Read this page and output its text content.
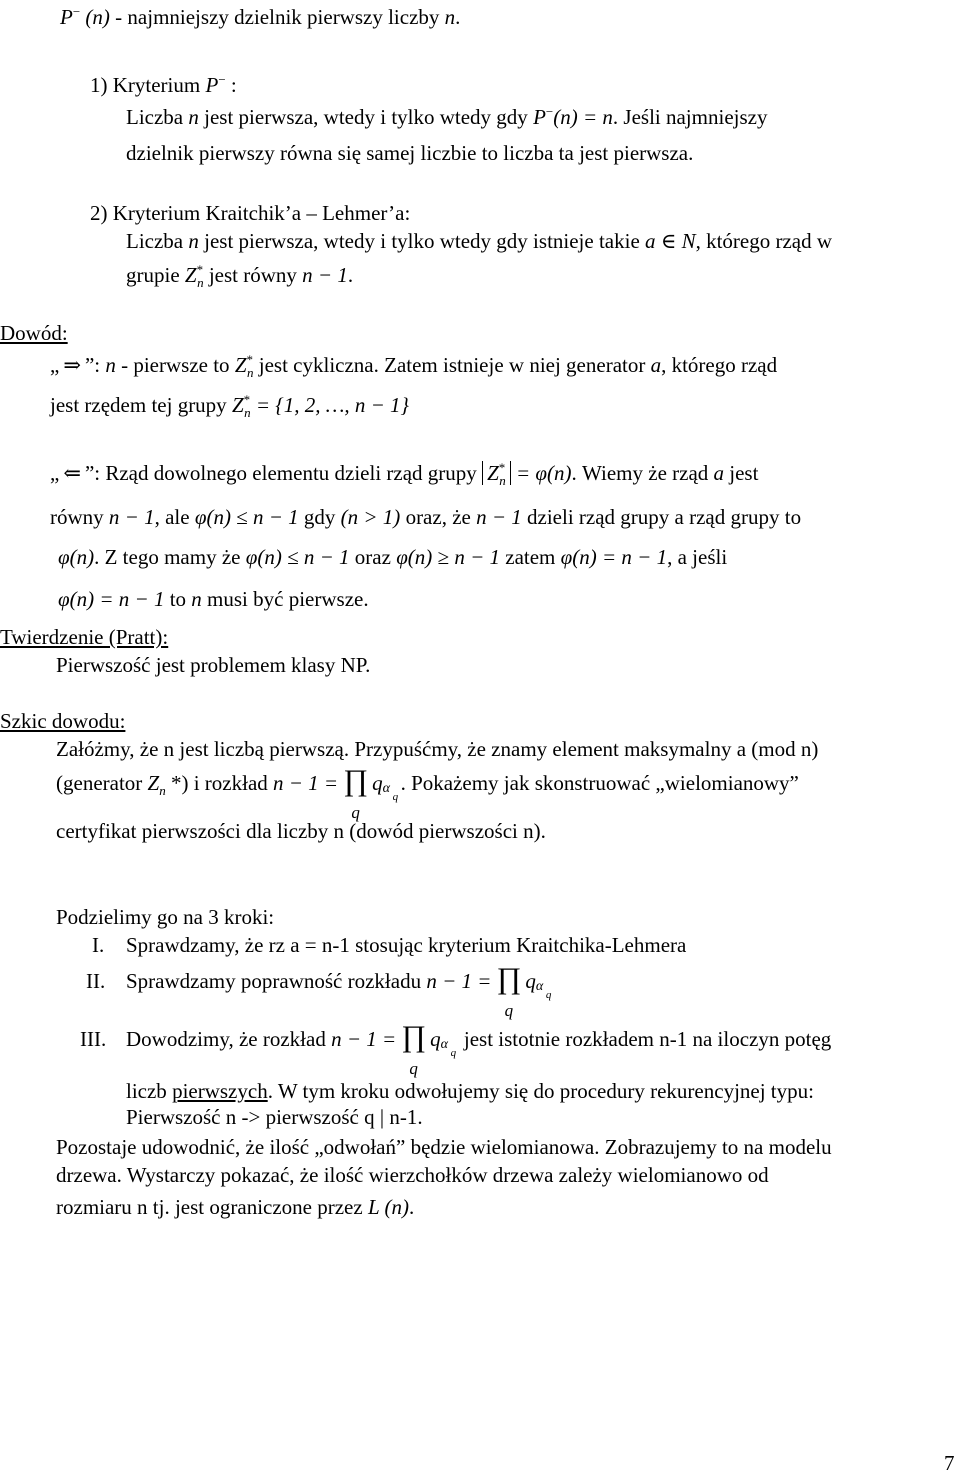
P− (n) - najmniejszy dzielnik pierwszy liczby n.
1) Kryterium P− :
Liczba n jest pierwsza, wtedy i tylko wtedy gdy P−(n) = n. Jeśli najmniejszy
dzielnik pierwszy równa się samej liczbie to liczba ta jest pierwsza.
2) Kryterium Kraitchik’a – Lehmer’a:
Liczba n jest pierwsza, wtedy i tylko wtedy gdy istnieje takie a ∈ N, którego rząd w
grupie $Z^*_n$ jest równy n − 1.
Dowód:
„ ⇒ ”: n - pierwsze to $Z^*_n$ jest cykliczna. Zatem istnieje w niej generator a, którego rząd
jest rzędem tej grupy $Z^*_n = \{1$, 2, …, n − 1}
„ ⇐ ”: Rząd dowolnego elementu dzieli rząd grupy $Z^*_n = \varphi(n)$. Wiemy że rząd a jest
równy n − 1, ale φ(n) ≤ n − 1 gdy (n > 1) oraz, że n − 1 dzieli rząd grupy a rząd grupy to
φ(n). Z tego mamy że φ(n) ≤ n − 1 oraz φ(n) ≥ n − 1 zatem φ(n) = n − 1, a jeśli
φ(n) = n − 1 to n musi być pierwsze.
Twierdzenie (Pratt):
Pierwszość jest problemem klasy NP.
Szkic dowodu:
Załóżmy, że n jest liczbą pierwszą. Przypuśćmy, że znamy element maksymalny a (mod n)
(generator $Z_n$ *) i rozkład n − 1 = ∏
q
q α
q
. Pokażemy jak skonstruować „wielomianowy”
certyfikat pierwszości dla liczby n (dowód pierwszości n).
Podzielimy go na 3 kroki:
I. Sprawdzamy, że rz a = n-1 stosując kryterium Kraitchika-Lehmera
II. Sprawdzamy poprawność rozkładu n − 1 = ∏
q
q α
q
III. Dowodzimy, że rozkład n − 1 = ∏
q
q α
q
jest istotnie rozkładem n-1 na iloczyn potęg
liczb pierwszych. W tym kroku odwołujemy się do procedury rekurencyjnej typu:
Pierwszość n -> pierwszość q | n-1.
Pozostaje udowodnić, że ilość „odwołań” będzie wielomianowa. Zobrazujemy to na modelu
drzewa. Wystarczy pokazać, że ilość wierzchołków drzewa zależy wielomianowo od
rozmiaru n tj. jest ograniczone przez L (n).
7
